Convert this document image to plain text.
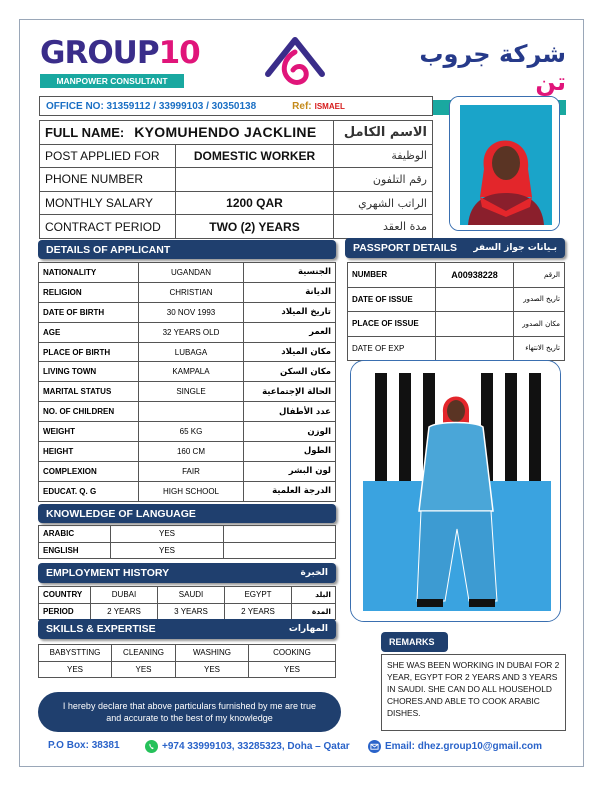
GROUP10
MANPOWER CONSULTANT
شركة جروب تن
OFFICE NO: 31359112 / 33999103 / 30350138	Ref: ISMAEL
FULL NAME: KYOMUHENDO JACKLINE		الاسم الكامل
POST APPLIED FOR	DOMESTIC WORKER	الوظيفة
PHONE NUMBER		رقم التلفون
MONTHLY SALARY	1200 QAR	الراتب الشهري
CONTRACT PERIOD	TWO (2) YEARS	مدة العقد
DETAILS OF APPLICANT
NATIONALITY	UGANDAN	الجنسية
RELIGION	CHRISTIAN	الديانة
DATE OF BIRTH	30 NOV 1993	تاريخ الميلاد
AGE	32 YEARS OLD	العمر
PLACE OF BIRTH	LUBAGA	مكان الميلاد
LIVING TOWN	KAMPALA	مكان السكن
MARITAL STATUS	SINGLE	الحالة الإجتماعية
NO. OF CHILDREN		عدد الأطفال
WEIGHT	65 KG	الوزن
HEIGHT	160 CM	الطول
COMPLEXION	FAIR	لون البشر
EDUCAT. Q. G	HIGH SCHOOL	الدرجة العلمية
PASSPORT DETAILS بـيانات جواز السفر
NUMBER	A00938228	الرقم
DATE OF ISSUE		تاريخ الصدور
PLACE OF ISSUE		مكان الصدور
DATE OF EXP		تاريخ الانتهاء
KNOWLEDGE OF LANGUAGE
ARABIC	YES	
ENGLISH	YES	
EMPLOYMENT HISTORY	الخبرة
COUNTRY	DUBAI	SAUDI	EGYPT	البلد
PERIOD	2 YEARS	3 YEARS	2 YEARS	المدة
SKILLS & EXPERTISE	المهارات
BABYSTTING	CLEANING	WASHING	COOKING
YES	YES	YES	YES
REMARKS
SHE WAS BEEN WORKING IN DUBAI FOR 2 YEAR, EGYPT FOR 2 YEARS AND 3 YEARS IN SAUDI. SHE CAN DO ALL HOUSEHOLD CHORES.AND ABLE TO COOK ARABIC DISHES.
I hereby declare that above particulars furnished by me are true and accurate to the best of my knowledge
P.O Box: 38381	+974 33999103, 33285323, Doha – Qatar	Email: dhez.group10@gmail.com
